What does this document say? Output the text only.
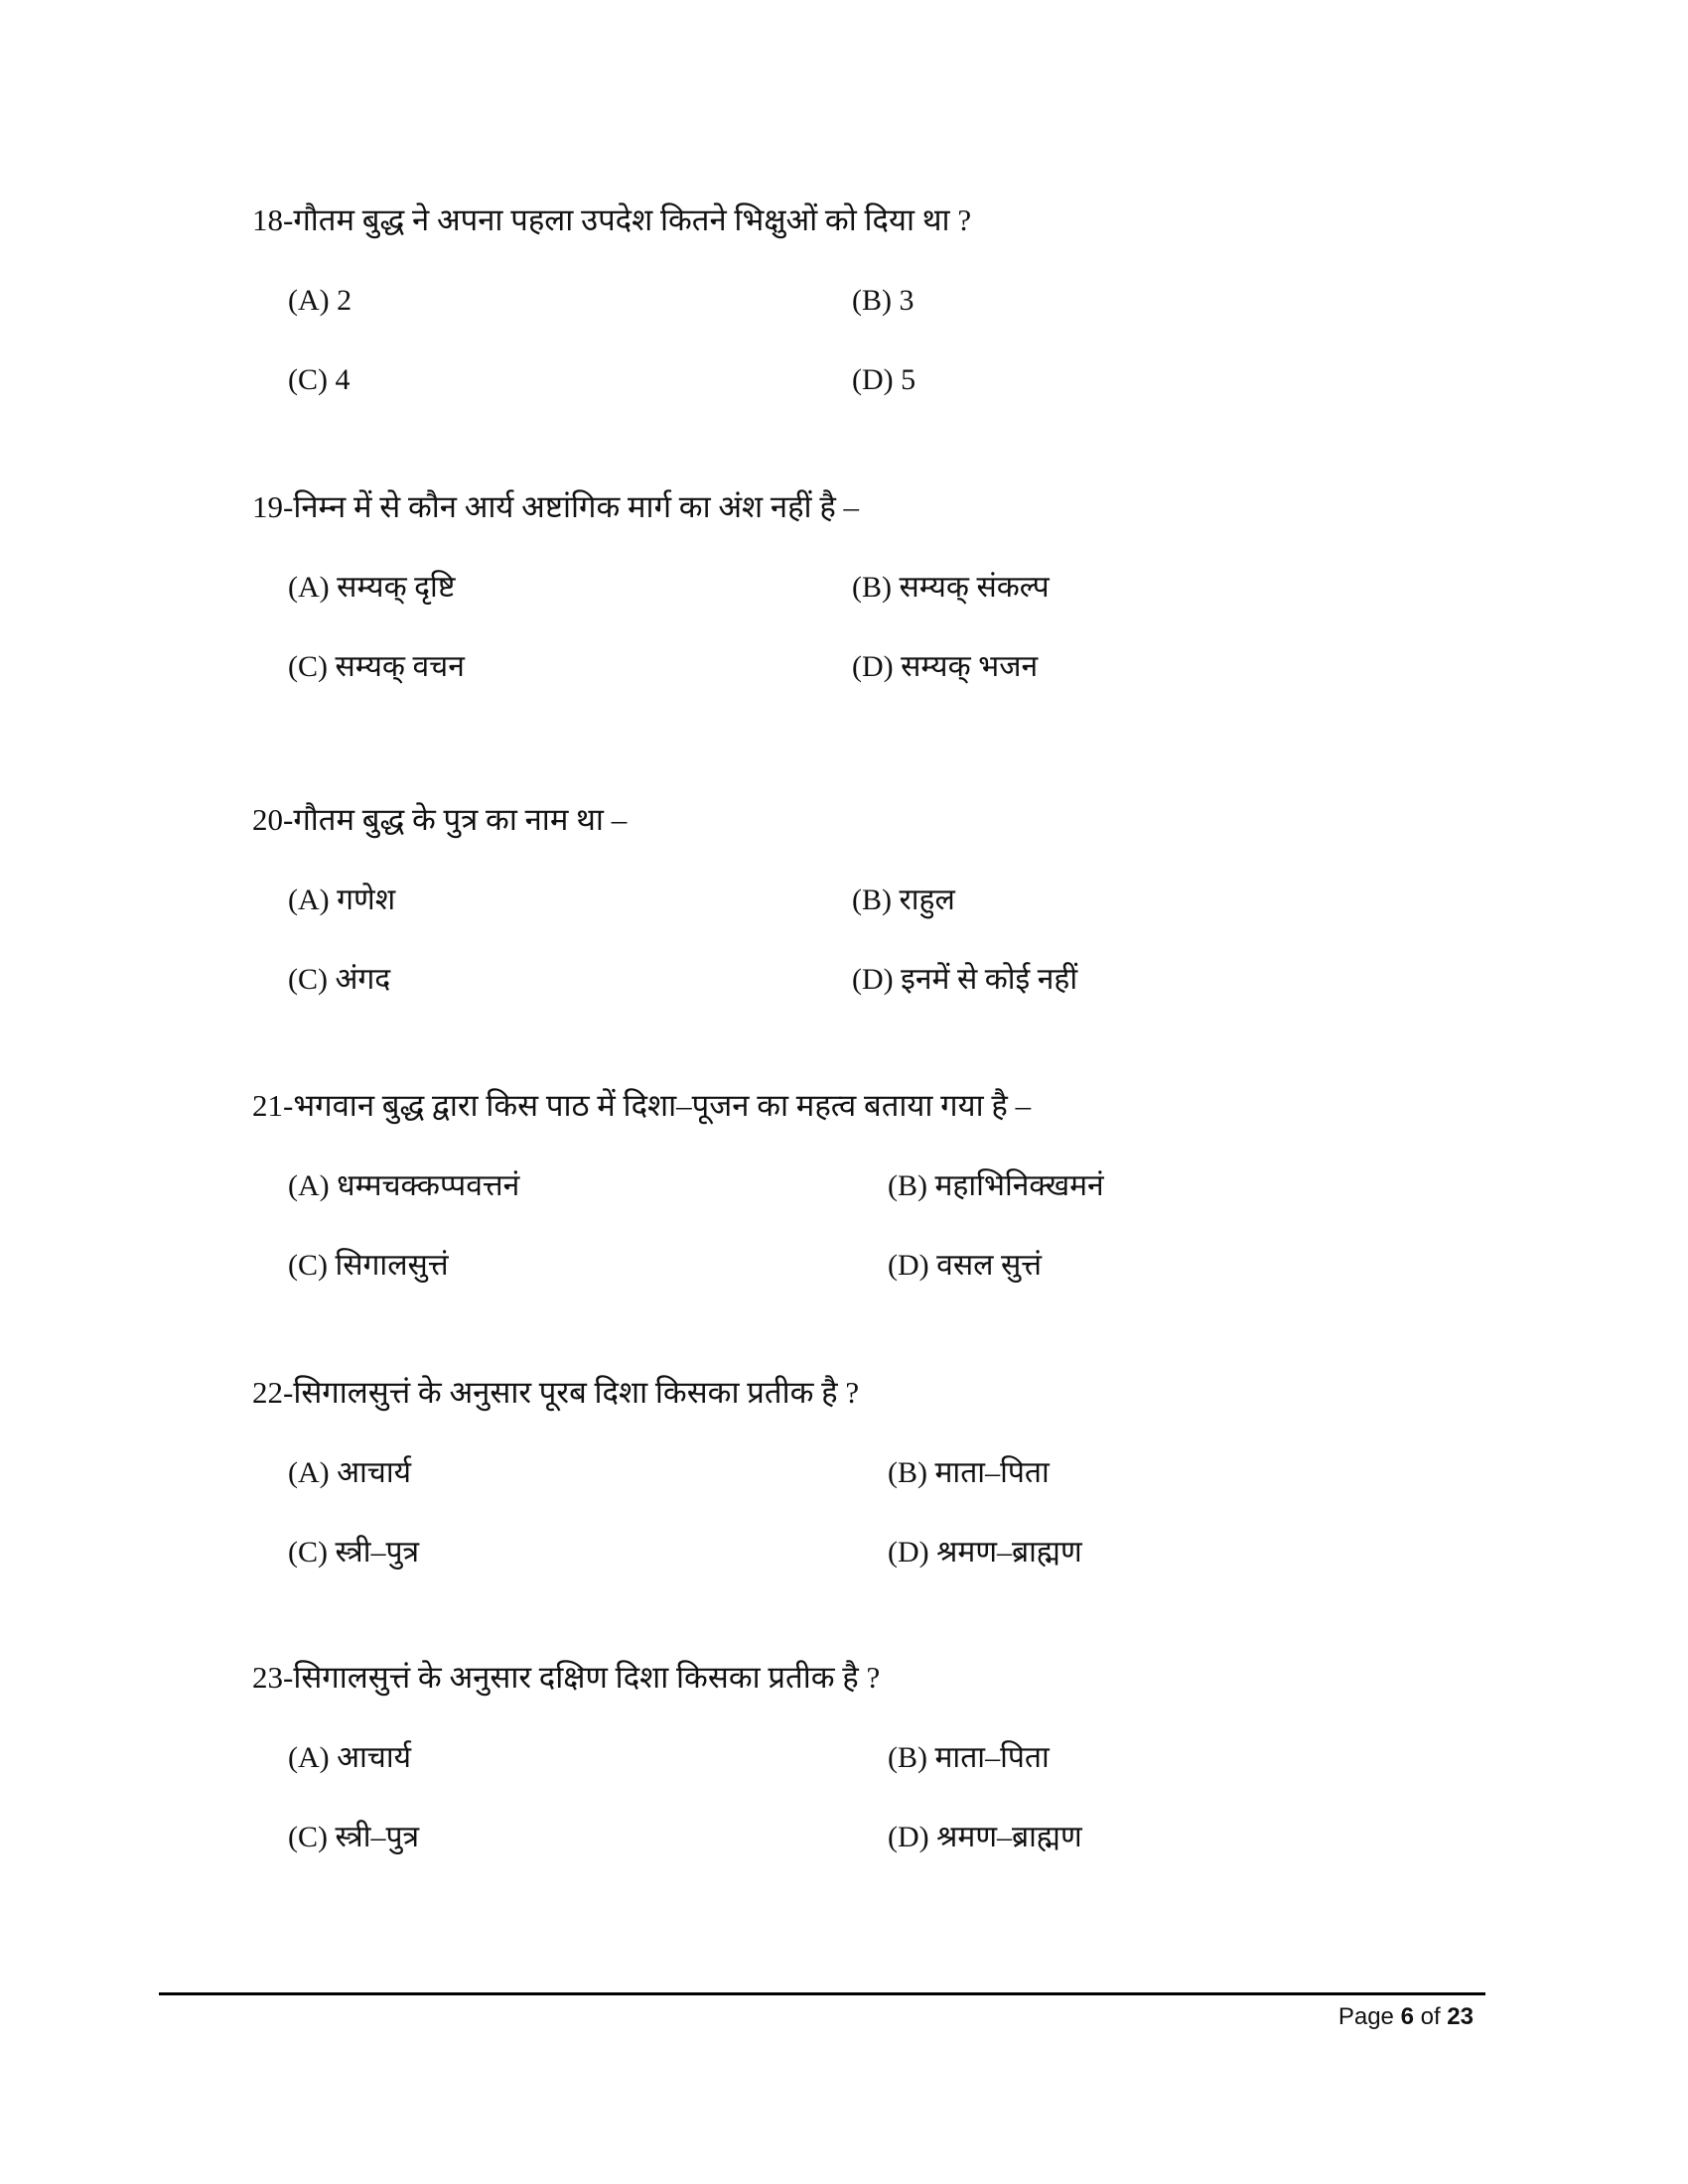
18-गौतम बुद्ध ने अपना पहला उपदेश कितने भिक्षुओं को दिया था ?
(A) 2	(B) 3
(C) 4	(D) 5
19-निम्न में से कौन आर्य अष्टांगिक मार्ग का अंश नहीं है –
(A) सम्यक् दृष्टि	(B) सम्यक् संकल्प
(C) सम्यक् वचन	(D) सम्यक् भजन
20-गौतम बुद्ध के पुत्र का नाम था –
(A) गणेश	(B) राहुल
(C) अंगद	(D) इनमें से कोई नहीं
21-भगवान बुद्ध द्वारा किस पाठ में दिशा–पूजन का महत्व बताया गया है –
(A) धम्मचक्कप्पवत्तनं	(B) महाभिनिक्खमनं
(C) सिगालसुत्तं	(D) वसल सुत्तं
22-सिगालसुत्तं के अनुसार पूरब दिशा किसका प्रतीक है ?
(A) आचार्य	(B) माता–पिता
(C) स्त्री–पुत्र	(D) श्रमण–ब्राह्मण
23-सिगालसुत्तं के अनुसार दक्षिण दिशा किसका प्रतीक है ?
(A) आचार्य	(B) माता–पिता
(C) स्त्री–पुत्र	(D) श्रमण–ब्राह्मण
Page 6 of 23
